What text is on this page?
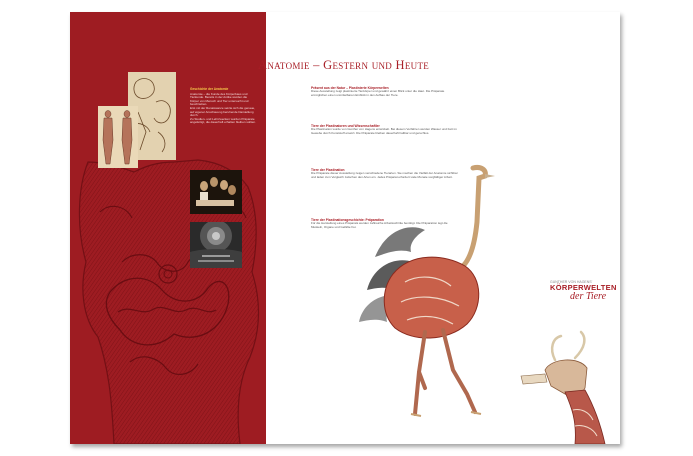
Geschichte der Anatomie
Anatomie – die Kunde des Körperbaus und Tierkunde. Bereits in der Antike wurden die Körper von Mensch und Tier untersucht und beschrieben.
Erst mit der Renaissance setzte sich die genaue, auf eigener Anschauung beruhende Darstellung durch.
Zu Studien- und Lehrzwecken wurden Präparate angefertigt, die dauerhaft erhalten bleiben sollten.
Anatomie – Gestern und Heute
Präsent aus der Natur – Plastinierte Körperwelten
Diese Ausstellung zeigt plastinierte Tierkörper und gewährt einen Blick unter die Haut. Die Präparate ermöglichen einen unmittelbaren Einblick in den Aufbau der Tiere.
Tiere der Plastinatoren und Wissenschaftler
Die Plastination wurde von Gunther von Hagens entwickelt. Bei diesem Verfahren werden Wasser und Fett im Gewebe durch Kunststoff ersetzt. Die Präparate bleiben dauerhaft haltbar und geruchlos.
Tiere der Plastination
Die Präparate dieser Ausstellung zeigen verschiedene Tierarten. Sie machen die Vielfalt der Anatomie sichtbar und laden zum Vergleich zwischen den Arten ein. Jedes Präparat erfordert viele Monate sorgfältiger Arbeit.
Tiere der Plastinationsgeschichte: Präparation
Für die Herstellung eines Präparats werden zahlreiche Arbeitsschritte benötigt. Die Präparation legt die Muskeln, Organe und Gefäße frei.
GUNTHER VON HAGENS'
KÖRPERWELTEN
der Tiere
